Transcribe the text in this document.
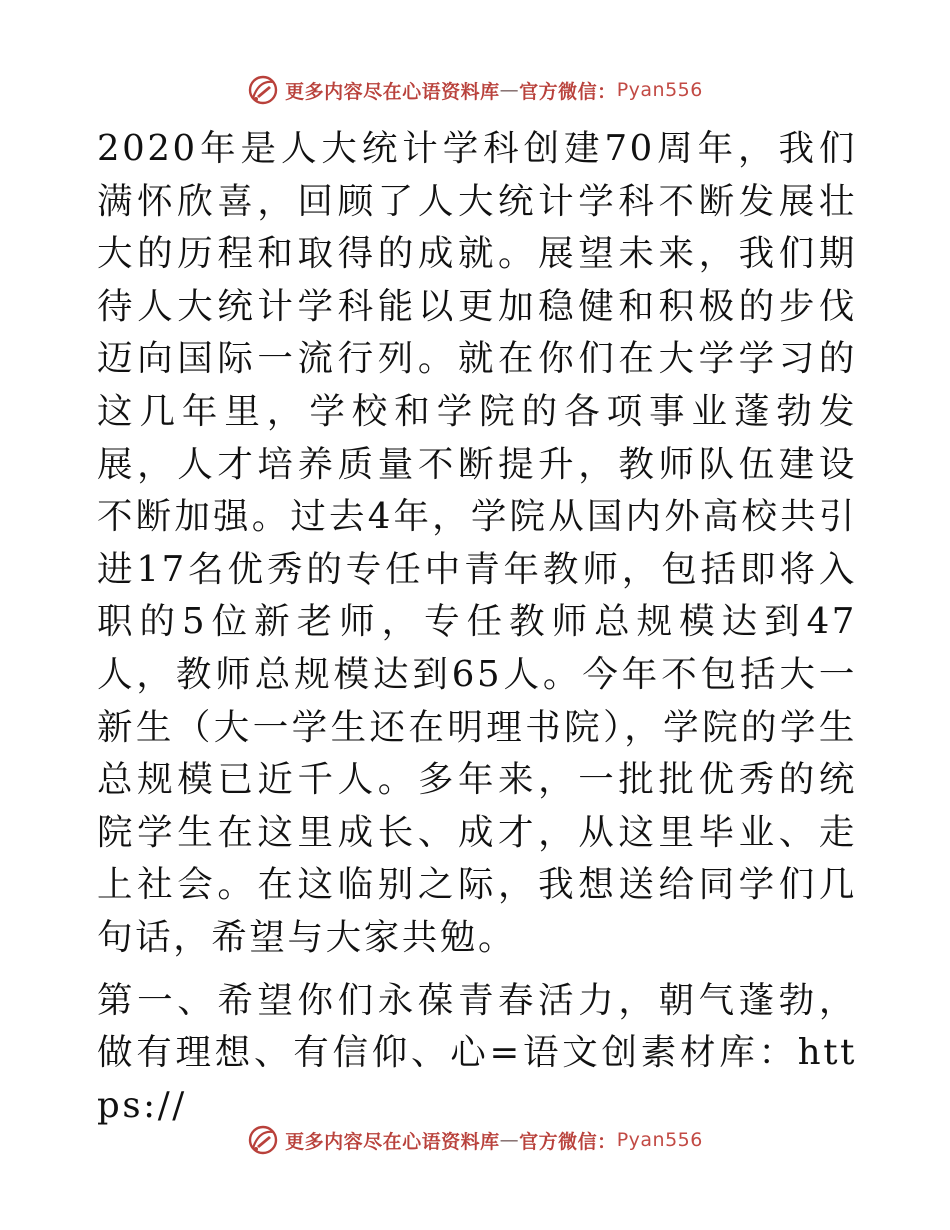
更多内容尽在心语资料库 — 官方微信： Pyan556

2020年是人大统计学科创建70周年，我们满怀欣喜，回顾了人大统计学科不断发展壮大的历程和取得的成就。展望未来，我们期待人大统计学科能以更加稳健和积极的步伐迈向国际一流行列。就在你们在大学学习的这几年里，学校和学院的各项事业蓬勃发展，人才培养质量不断提升，教师队伍建设不断加强。过去4年，学院从国内外高校共引进17名优秀的专任中青年教师，包括即将入职的5位新老师，专任教师总规模达到47人，教师总规模达到65人。今年不包括大一新生（大一学生还在明理书院），学院的学生总规模已近千人。多年来，一批批优秀的统院学生在这里成长、成才，从这里毕业、走上社会。在这临别之际，我想送给同学们几句话，希望与大家共勉。

第一、希望你们永葆青春活力，朝气蓬勃，做有理想、有信仰、心=语文创素材库：https://

更多内容尽在心语资料库 — 官方微信： Pyan556
